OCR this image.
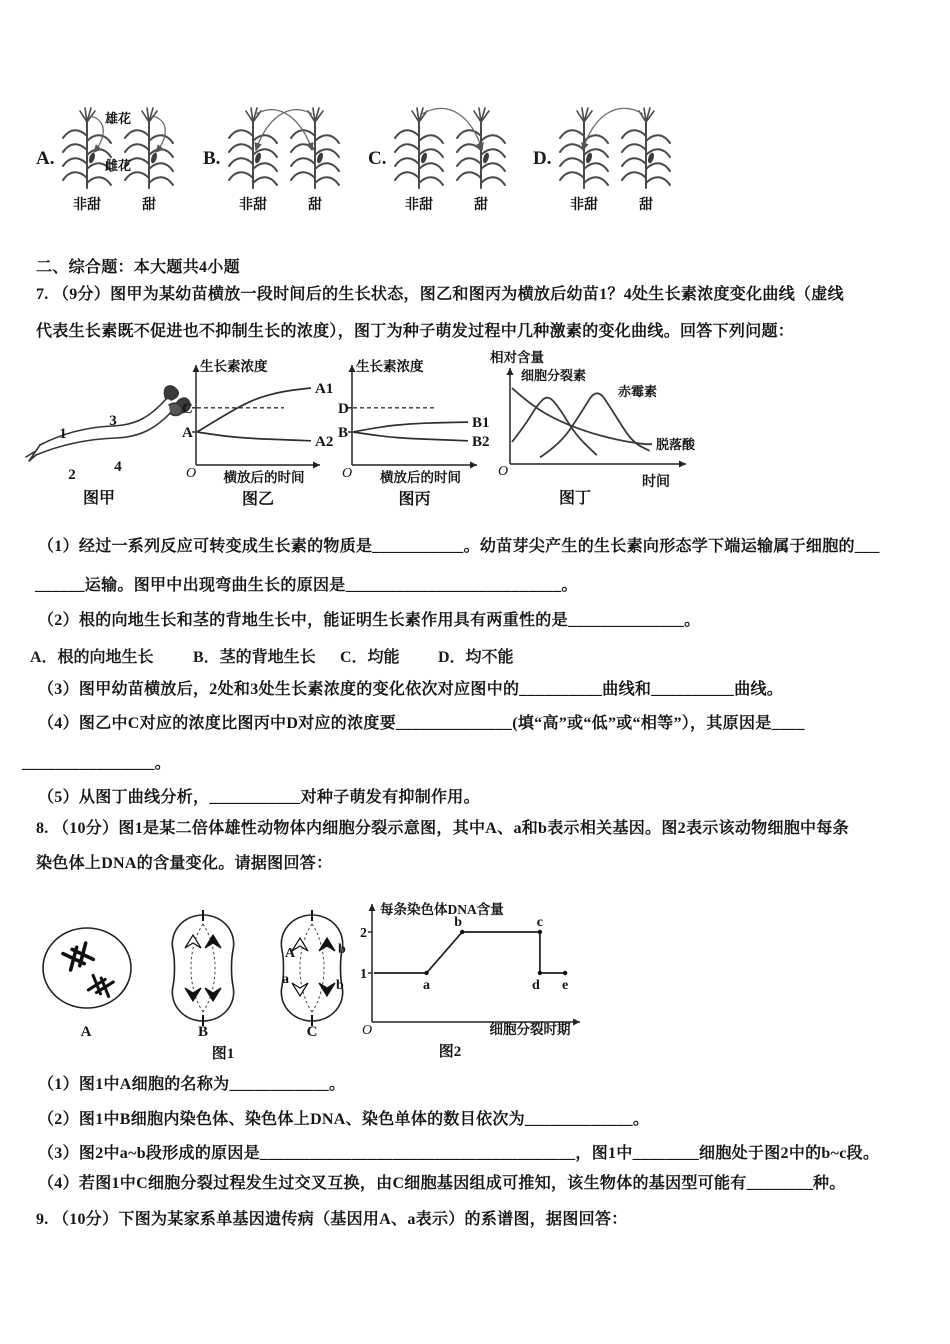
A.
雄花
雌花
非甜	甜
B.
非甜	甜
C.
非甜	甜
D.
非甜	甜
二、综合题：本大题共4小题
7. （9分）图甲为某幼苗横放一段时间后的生长状态，图乙和图丙为横放后幼苗1？4处生长素浓度变化曲线（虚线
代表生长素既不促进也不抑制生长的浓度），图丁为种子萌发过程中几种激素的变化曲线。回答下列问题：
1
2
3
4
图甲
生长素浓度
C
A
A1
A2
O 横放后的时间
图乙
生长素浓度
D
B
B1
B2
O 横放后的时间
图丙
相对含量
细胞分裂素
赤霉素
脱落酸
O
时间
图丁
（1）经过一系列反应可转变成生长素的物质是___________。幼苗芽尖产生的生长素向形态学下端运输属于细胞的___
______运输。图甲中出现弯曲生长的原因是__________________________。
（2）根的向地生长和茎的背地生长中，能证明生长素作用具有两重性的是______________。
A．根的向地生长 B．茎的背地生长 C．均能 D．均不能
（3）图甲幼苗横放后，2处和3处生长素浓度的变化依次对应图中的__________曲线和__________曲线。
（4）图乙中C对应的浓度比图丙中D对应的浓度要______________(填“高”或“低”或“相等”），其原因是____
________________。
（5）从图丁曲线分析，___________对种子萌发有抑制作用。
8. （10分）图1是某二倍体雄性动物体内细胞分裂示意图，其中A、a和b表示相关基因。图2表示该动物细胞中每条
染色体上DNA的含量变化。请据图回答：
A
a
b
b
A	B	C
图1
每条染色体DNA含量
1
2
a
b	c
d e
O	细胞分裂时期
图2
（1）图1中A细胞的名称为____________。
（2）图1中B细胞内染色体、染色体上DNA、染色单体的数目依次为_____________。
（3）图2中a~b段形成的原因是______________________________________，图1中________细胞处于图2中的b~c段。
（4）若图1中C细胞分裂过程发生过交叉互换，由C细胞基因组成可推知，该生物体的基因型可能有________种。
9. （10分）下图为某家系单基因遗传病（基因用A、a表示）的系谱图，据图回答：
